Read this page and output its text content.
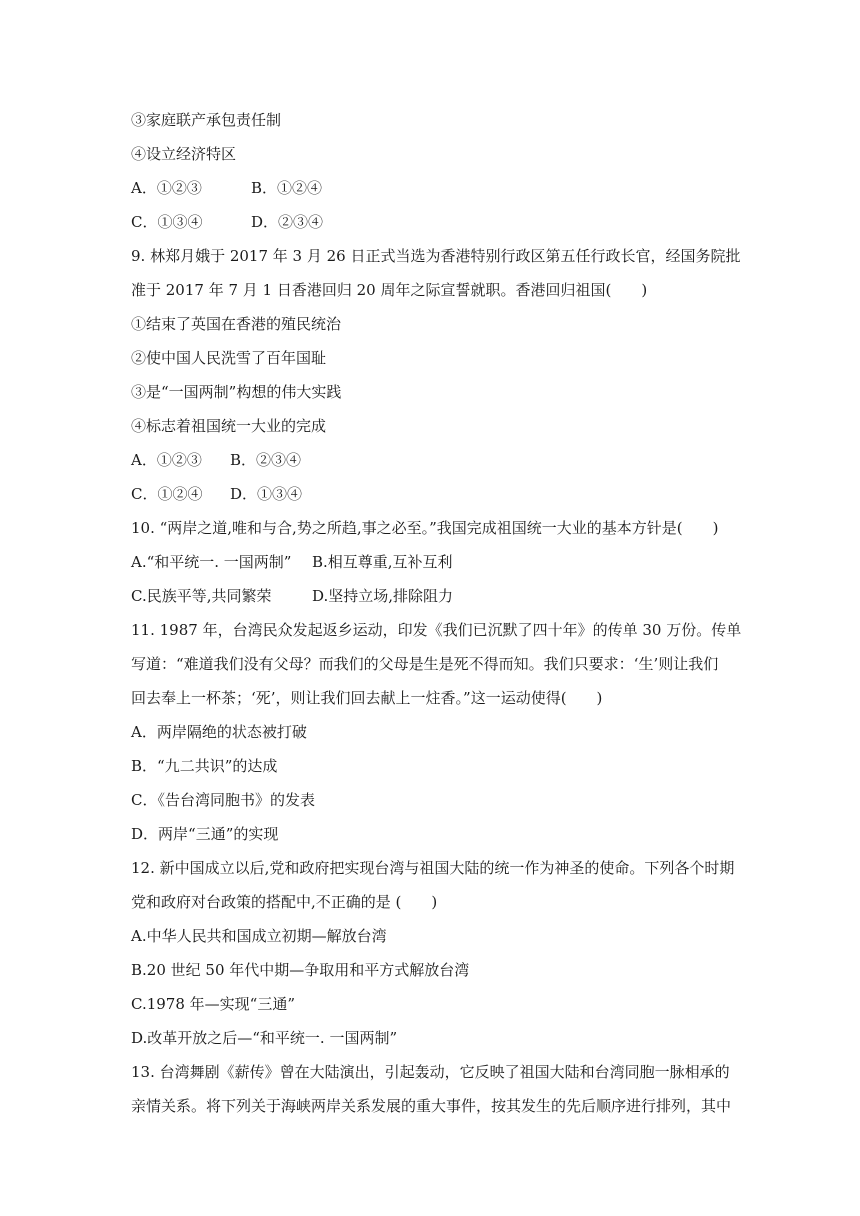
③家庭联产承包责任制
④设立经济特区
A．①②③	B．①②④
C．①③④	D．②③④
9. 林郑月娥于 2017 年 3 月 26 日正式当选为香港特别行政区第五任行政长官，经国务院批
准于 2017 年 7 月 1 日香港回归 20 周年之际宣誓就职。香港回归祖国(　　)
①结束了英国在香港的殖民统治
②使中国人民洗雪了百年国耻
③是“一国两制”构想的伟大实践
④标志着祖国统一大业的完成
A．①②③ B．②③④
C．①②④ D．①③④
10. “两岸之道,唯和与合,势之所趋,事之必至。”我国完成祖国统一大业的基本方针是(　　)
A.“和平统一. 一国两制” B.相互尊重,互补互利
C.民族平等,共同繁荣	D.坚持立场,排除阻力
11. 1987 年，台湾民众发起返乡运动，印发《我们已沉默了四十年》的传单 30 万份。传单
写道：“难道我们没有父母？而我们的父母是生是死不得而知。我们只要求：‘生’则让我们
回去奉上一杯茶；‘死’，则让我们回去献上一炷香。”这一运动使得(　　)
A．两岸隔绝的状态被打破
B．“九二共识”的达成
C．《告台湾同胞书》的发表
D．两岸“三通”的实现
12. 新中国成立以后,党和政府把实现台湾与祖国大陆的统一作为神圣的使命。下列各个时期
党和政府对台政策的搭配中,不正确的是 (　　)
A.中华人民共和国成立初期—解放台湾
B.20 世纪 50 年代中期—争取用和平方式解放台湾
C.1978 年—实现“三通”
D.改革开放之后—“和平统一. 一国两制”
13. 台湾舞剧《薪传》曾在大陆演出，引起轰动，它反映了祖国大陆和台湾同胞一脉相承的
亲情关系。将下列关于海峡两岸关系发展的重大事件，按其发生的先后顺序进行排列，其中
